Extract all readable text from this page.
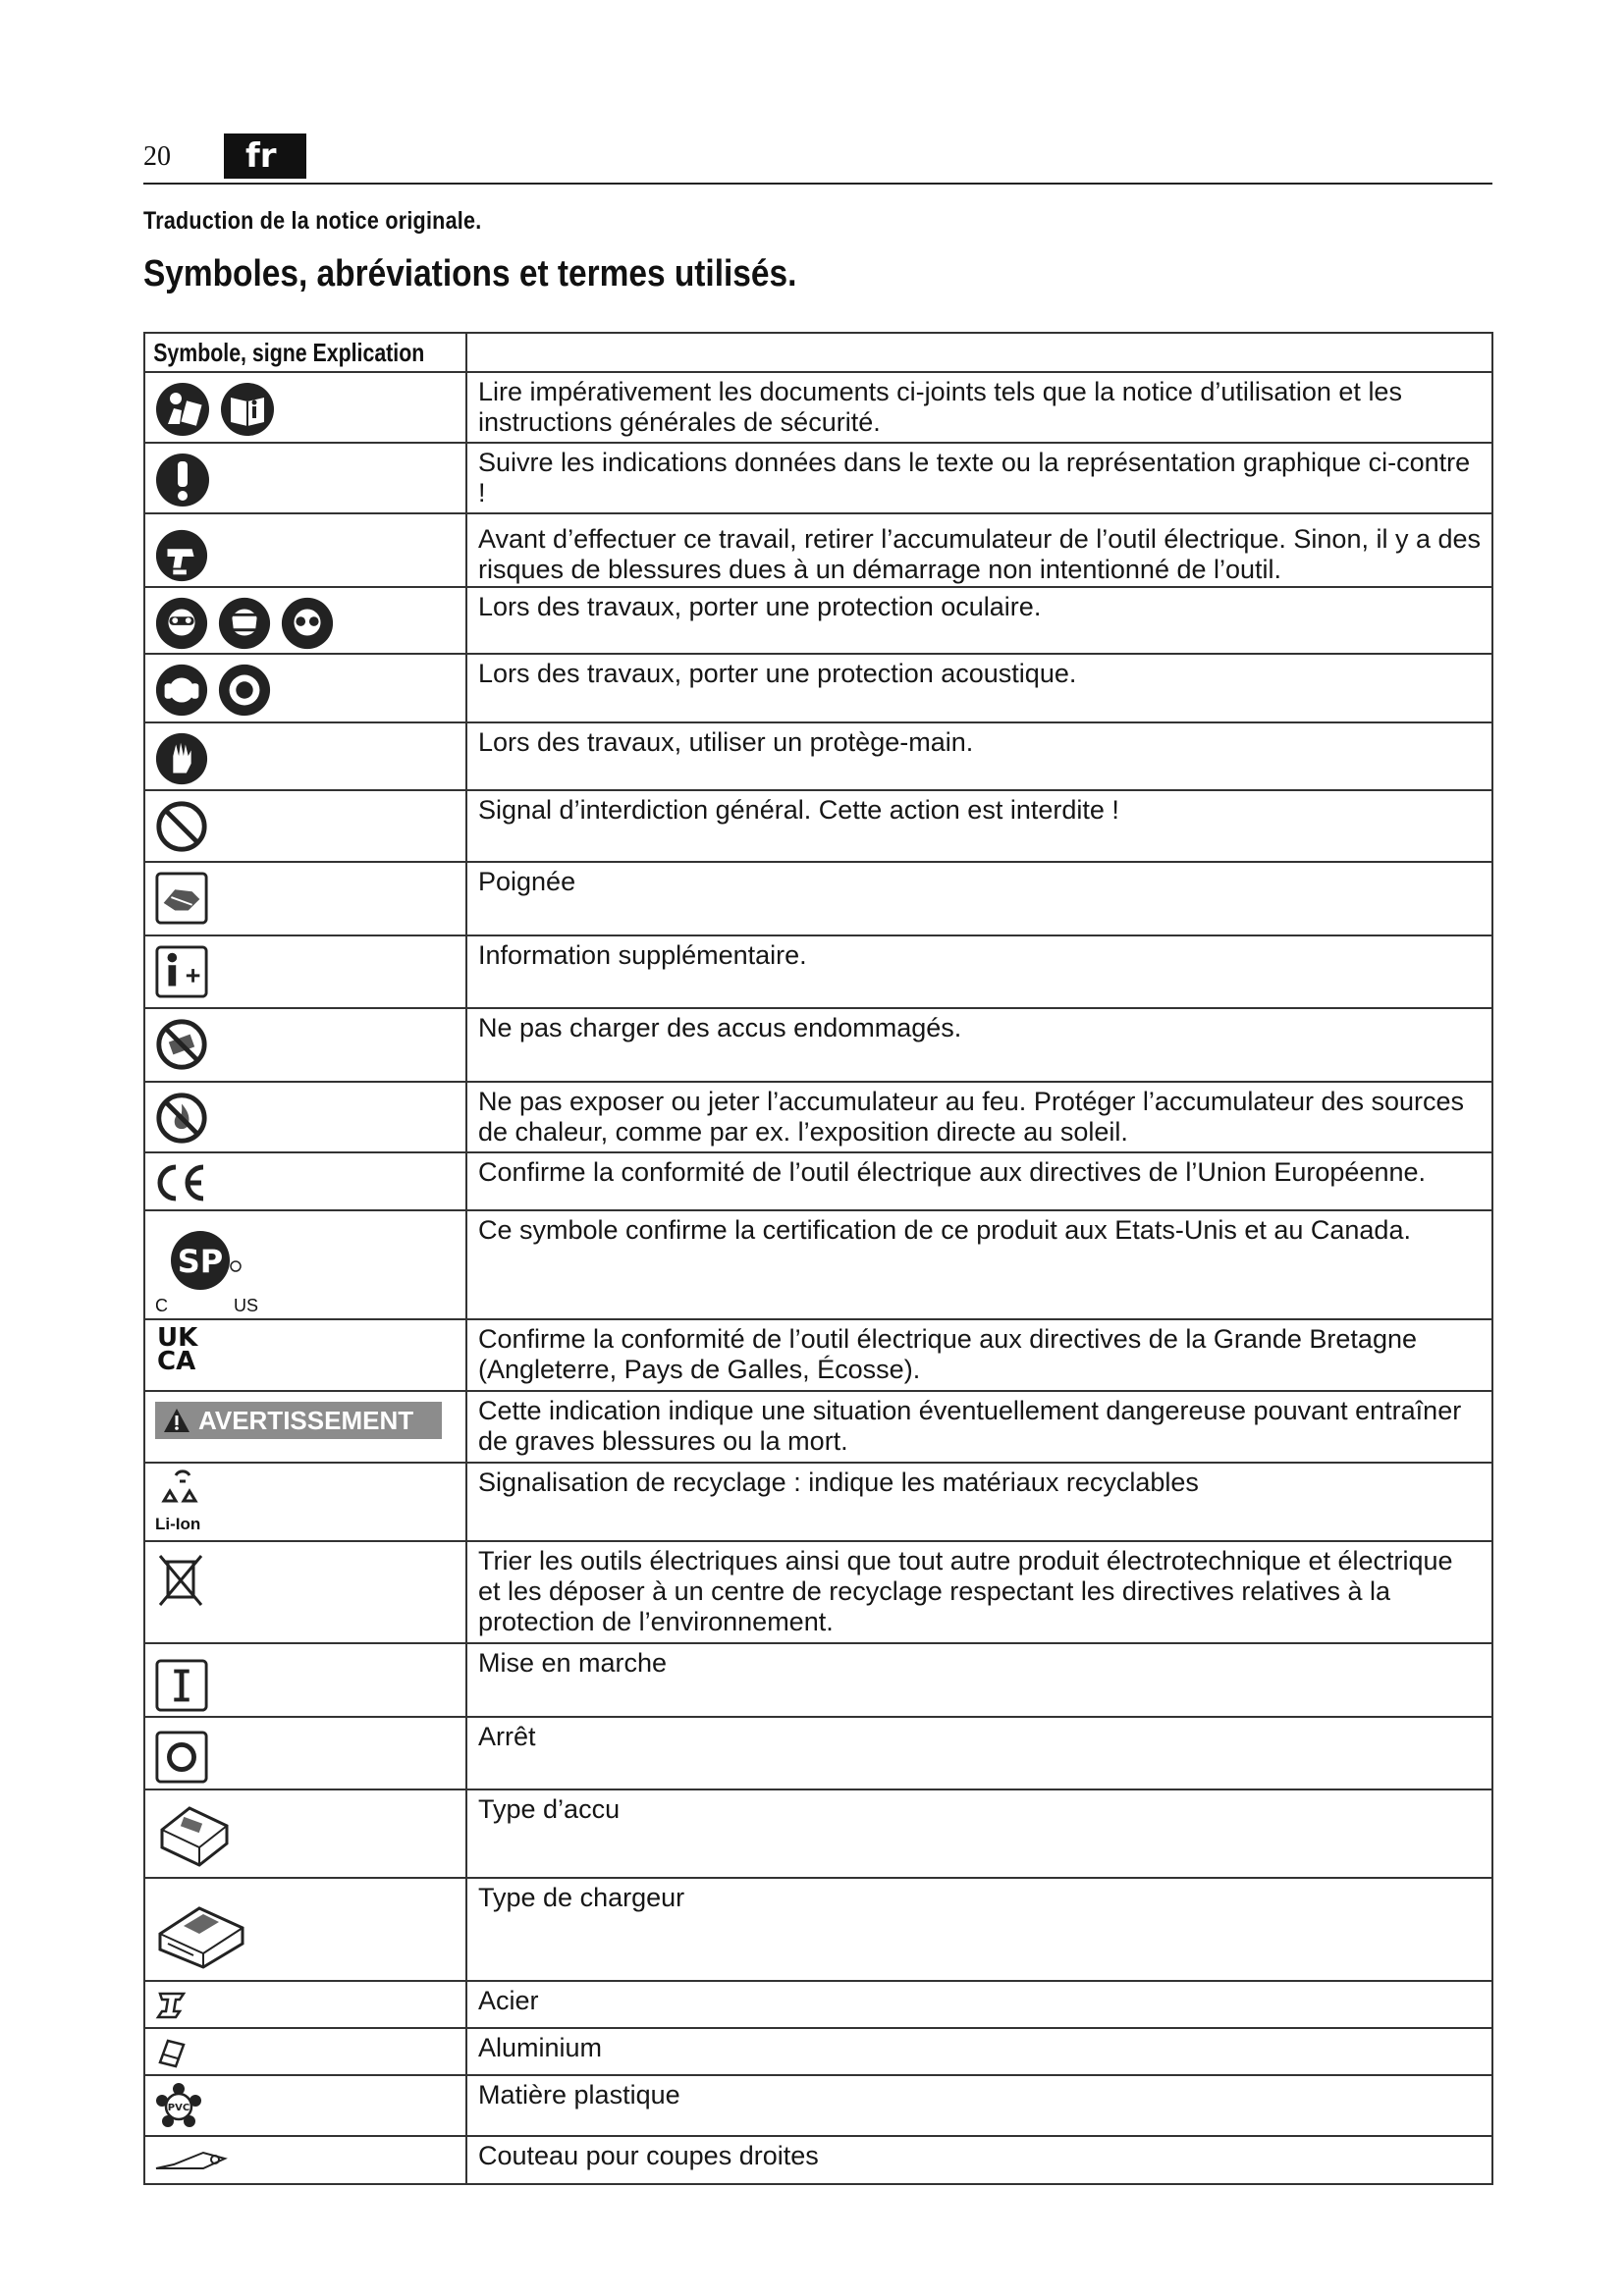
20	fr
Traduction de la notice originale.
Symboles, abréviations et termes utilisés.
Symbole, signe Explication	

	Lire impérativement les documents ci-joints tels que la notice d’utilisation et les instructions générales de sécurité.

	Suivre les indications données dans le texte ou la représentation graphique ci-contre !

	Avant d’effectuer ce travail, retirer l’accumulateur de l’outil électrique. Sinon, il y a des risques de blessures dues à un démarrage non intentionné de l’outil.

	Lors des travaux, porter une protection oculaire.

	Lors des travaux, porter une protection acoustique.

	Lors des travaux, utiliser un protège-main.

	Signal d’interdiction général. Cette action est interdite !

	Poignée

	Information supplémentaire.

	Ne pas charger des accus endommagés.

	Ne pas exposer ou jeter l’accumulateur au feu. Protéger l’accumulateur des sources de chaleur, comme par ex. l’exposition directe au soleil.

	Confirme la conformité de l’outil électrique aux directives de l’Union Européenne.

SP
C US	Ce symbole confirme la certification de ce produit aux Etats-Unis et au Canada.

UK
CA	Confirme la conformité de l’outil électrique aux directives de la Grande Bretagne (Angleterre, Pays de Galles, Écosse).

AVERTISSEMENT	Cette indication indique une situation éventuellement dangereuse pouvant entraîner de graves blessures ou la mort.

Li-Ion	Signalisation de recyclage : indique les matériaux recyclables

	Trier les outils électriques ainsi que tout autre produit électrotechnique et électrique et les déposer à un centre de recyclage respectant les directives relatives à la protection de l’environnement.

	Mise en marche

	Arrêt

	Type d’accu

	Type de chargeur

	Acier

	Aluminium

PVC	Matière plastique

	Couteau pour coupes droites
